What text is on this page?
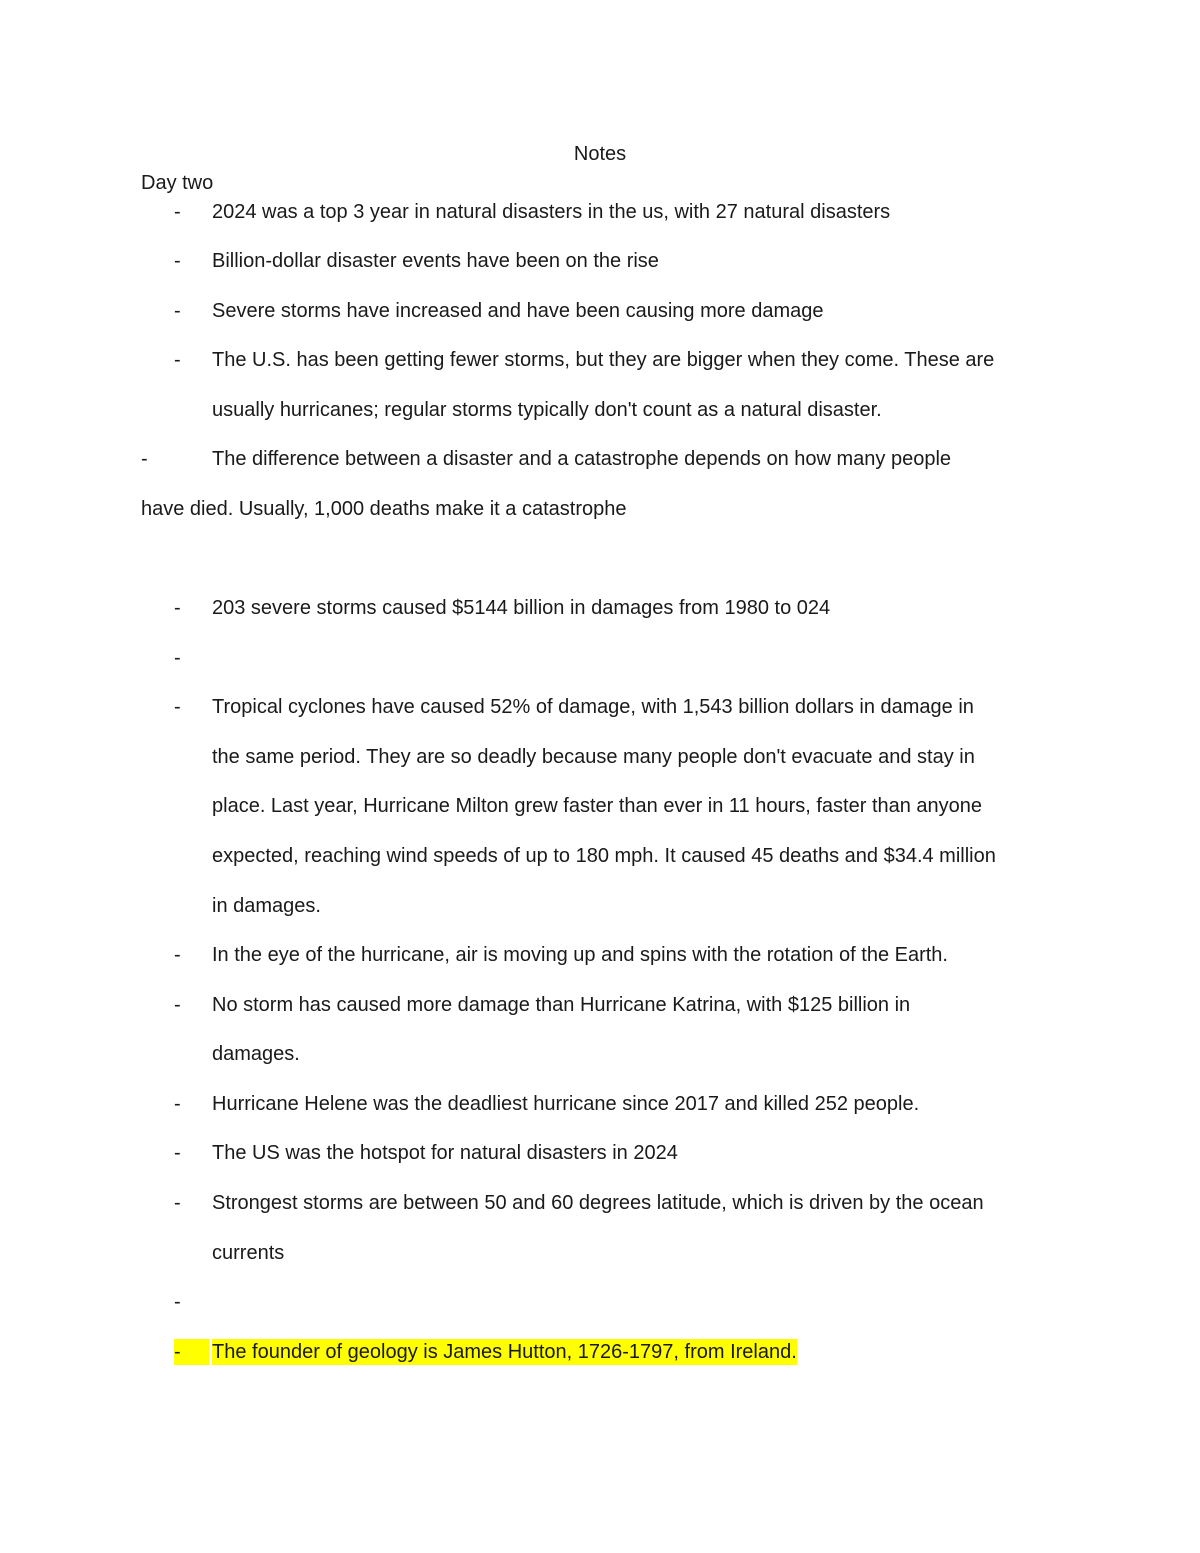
Notes
Day two
- 2024 was a top 3 year in natural disasters in the us, with 27 natural disasters
- Billion-dollar disaster events have been on the rise
- Severe storms have increased and have been causing more damage
- The U.S. has been getting fewer storms, but they are bigger when they come. These are
usually hurricanes; regular storms typically don't count as a natural disaster.
-	The difference between a disaster and a catastrophe depends on how many people
have died. Usually, 1,000 deaths make it a catastrophe
- 203 severe storms caused $5144 billion in damages from 1980 to 024
-
- Tropical cyclones have caused 52% of damage, with 1,543 billion dollars in damage in
the same period. They are so deadly because many people don't evacuate and stay in
place. Last year, Hurricane Milton grew faster than ever in 11 hours, faster than anyone
expected, reaching wind speeds of up to 180 mph. It caused 45 deaths and $34.4 million
in damages.
- In the eye of the hurricane, air is moving up and spins with the rotation of the Earth.
- No storm has caused more damage than Hurricane Katrina, with $125 billion in
damages.
- Hurricane Helene was the deadliest hurricane since 2017 and killed 252 people.
- The US was the hotspot for natural disasters in 2024
- Strongest storms are between 50 and 60 degrees latitude, which is driven by the ocean
currents
-
-	The founder of geology is James Hutton, 1726-1797, from Ireland.
